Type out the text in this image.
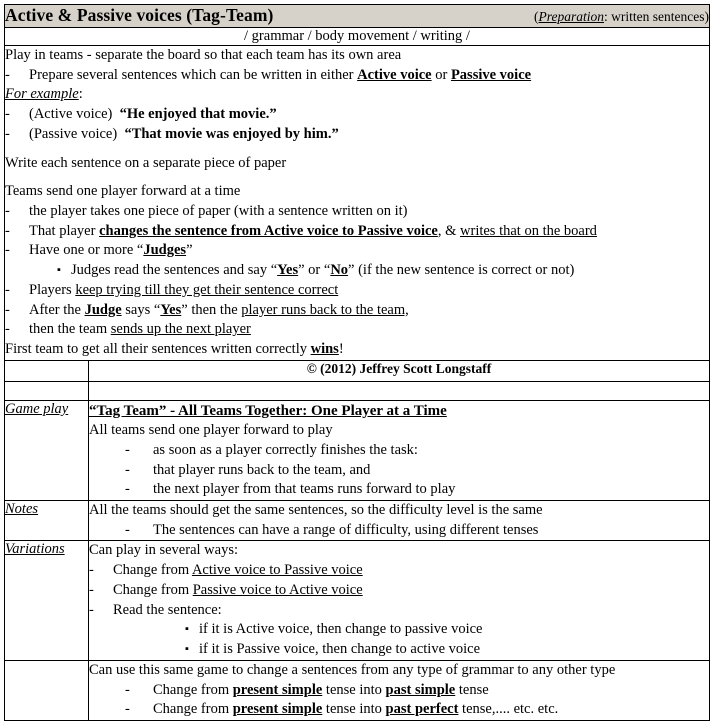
Active & Passive voices (Tag-Team) (Preparation: written sentences)	

/ grammar / body movement / writing /	

Play in teams - separate the board so that each team has its own area
- Prepare several sentences which can be written in either Active voice or Passive voice
For example:
- (Active voice) “He enjoyed that movie.”
- (Passive voice) “That movie was enjoyed by him.”
Write each sentence on a separate piece of paper
Teams send one player forward at a time
- the player takes one piece of paper (with a sentence written on it)
- That player changes the sentence from Active voice to Passive voice, & writes that on the board
- Have one or more “Judges”
▪ Judges read the sentences and say “Yes” or “No” (if the new sentence is correct or not)
- Players keep trying till they get their sentence correct
- After the Judge says “Yes” then the player runs back to the team,
- then the team sends up the next player
First team to get all their sentences written correctly wins!

	© (2012) Jeffrey Scott Longstaff

Game play	“Tag Team” - All Teams Together: One Player at a Time
All teams send one player forward to play
- as soon as a player correctly finishes the task:
- that player runs back to the team, and
- the next player from that teams runs forward to play

Notes	All the teams should get the same sentences, so the difficulty level is the same
- The sentences can have a range of difficulty, using different tenses

Variations	Can play in several ways:
- Change from Active voice to Passive voice
- Change from Passive voice to Active voice
- Read the sentence:
▪ if it is Active voice, then change to passive voice
▪ if it is Passive voice, then change to active voice

	Can use this same game to change a sentences from any type of grammar to any other type
- Change from present simple tense into past simple tense
- Change from present simple tense into past perfect tense,.... etc. etc.
